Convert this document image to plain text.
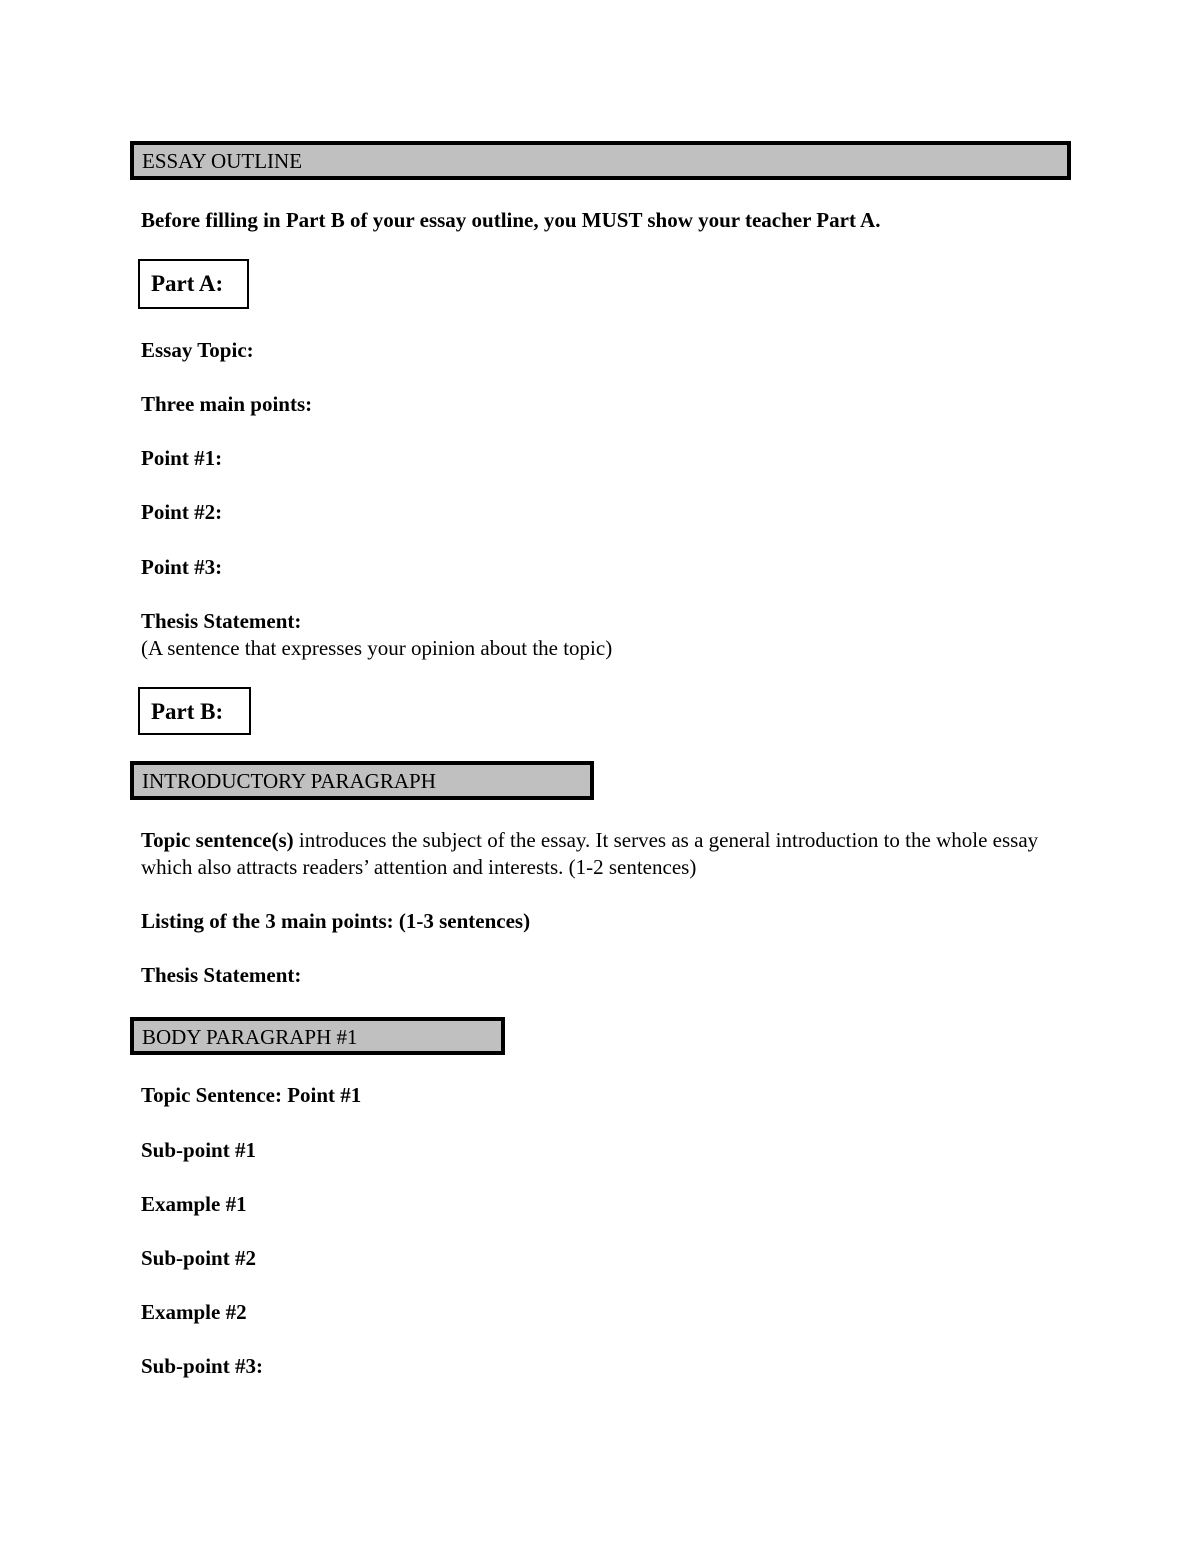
ESSAY OUTLINE
Before filling in Part B of your essay outline, you MUST show your teacher Part A.
Part A:
Essay Topic:
Three main points:
Point #1:
Point #2:
Point #3:
Thesis Statement:
(A sentence that expresses your opinion about the topic)
Part B:
INTRODUCTORY PARAGRAPH
Topic sentence(s) introduces the subject of the essay. It serves as a general introduction to the whole essay which also attracts readers’ attention and interests. (1-2 sentences)
Listing of the 3 main points: (1-3 sentences)
Thesis Statement:
BODY PARAGRAPH #1
Topic Sentence: Point #1
Sub-point #1
Example #1
Sub-point #2
Example #2
Sub-point #3:
